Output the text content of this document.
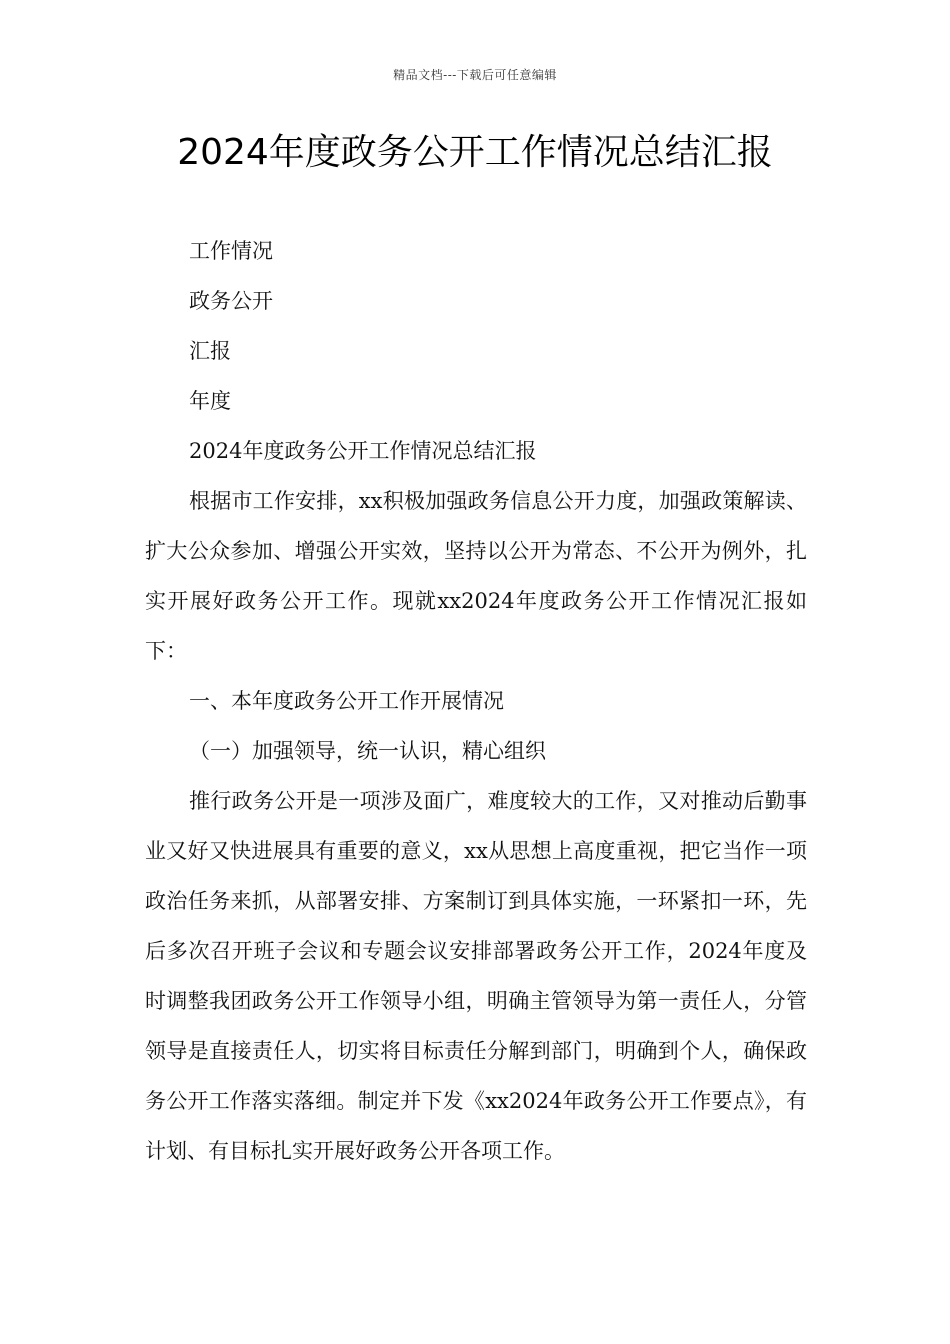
精品文档---下载后可任意编辑
2024年度政务公开工作情况总结汇报

工作情况

政务公开

汇报

年度

2024年度政务公开工作情况总结汇报

根据市工作安排，xx积极加强政务信息公开力度，加强政策解读、扩大公众参加、增强公开实效，坚持以公开为常态、不公开为例外，扎实开展好政务公开工作。现就xx2024年度政务公开工作情况汇报如下：

一、本年度政务公开工作开展情况

（一）加强领导，统一认识，精心组织

推行政务公开是一项涉及面广，难度较大的工作，又对推动后勤事业又好又快进展具有重要的意义，xx从思想上高度重视，把它当作一项政治任务来抓，从部署安排、方案制订到具体实施，一环紧扣一环，先后多次召开班子会议和专题会议安排部署政务公开工作，2024年度及时调整我团政务公开工作领导小组，明确主管领导为第一责任人，分管领导是直接责任人，切实将目标责任分解到部门，明确到个人，确保政务公开工作落实落细。制定并下发《xx2024年政务公开工作要点》，有计划、有目标扎实开展好政务公开各项工作。
